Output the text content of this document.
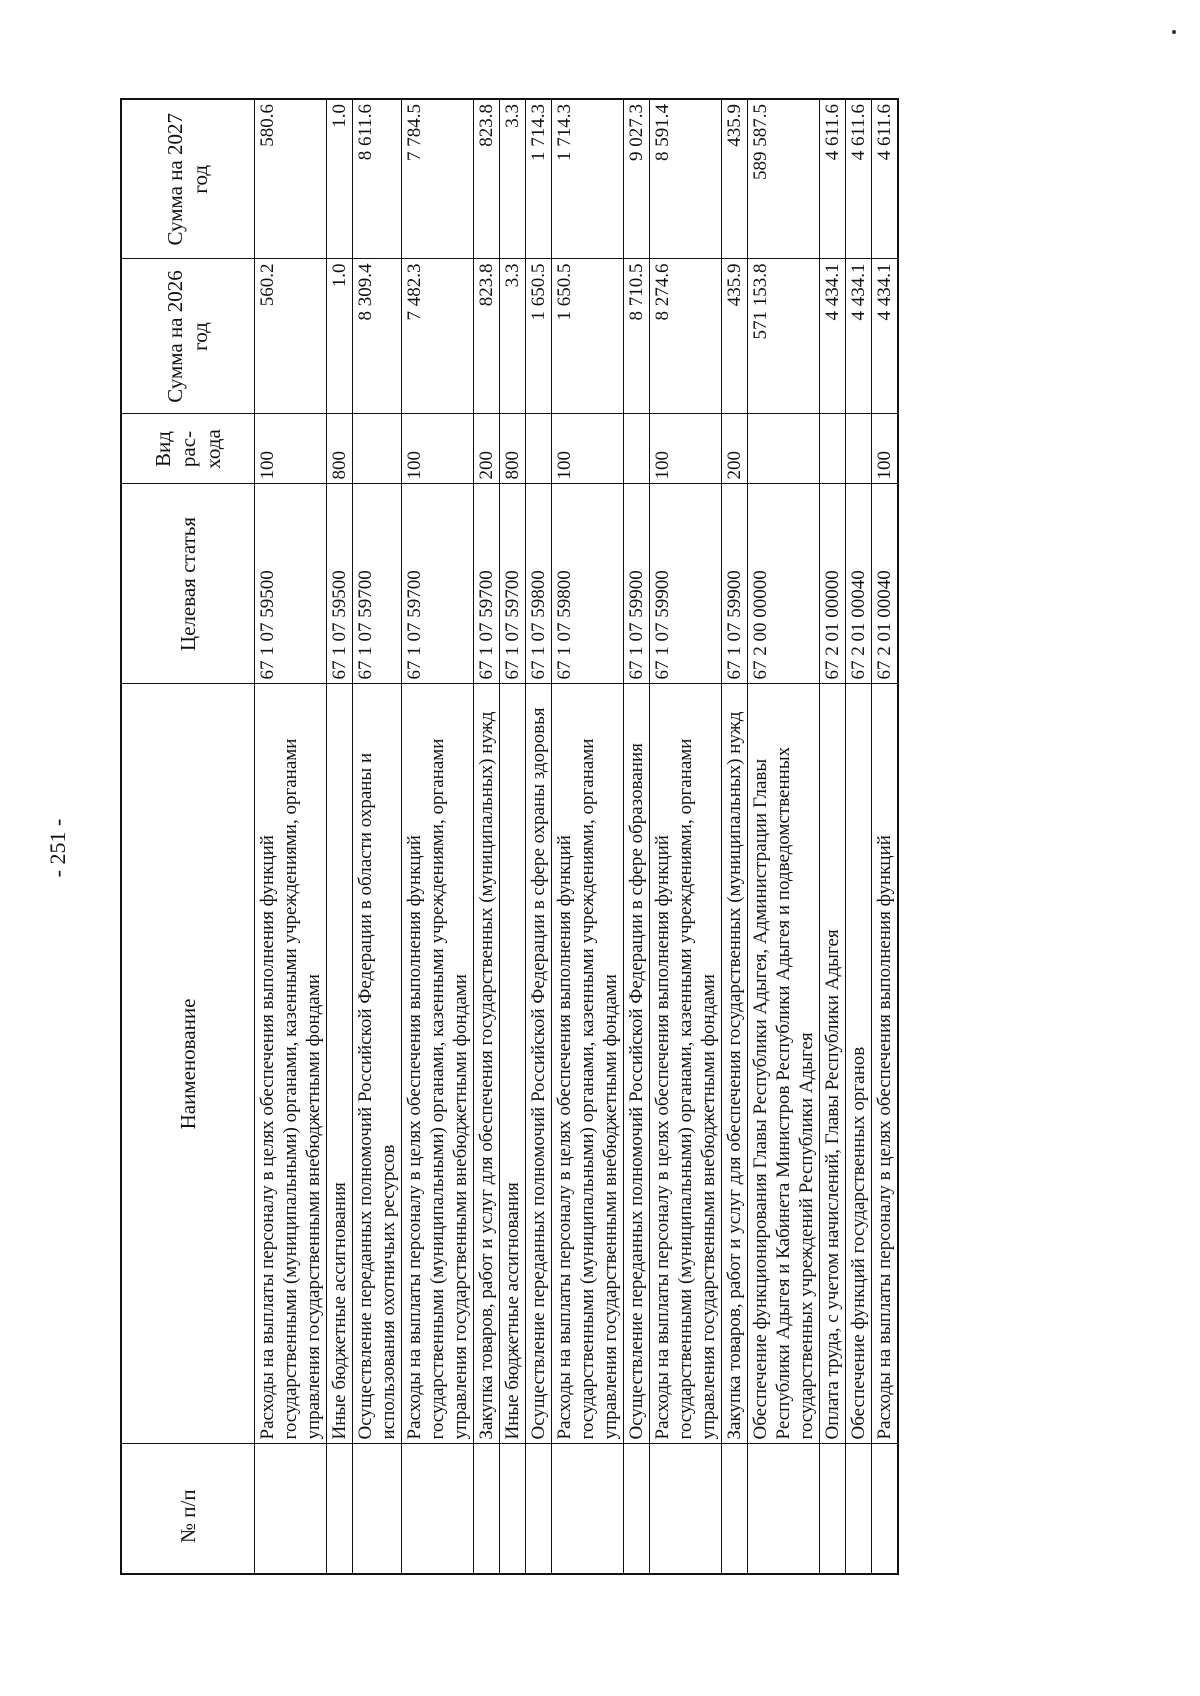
- 251 -
№ п/п	Наименование	Целевая статья	Вид рас-хода	Сумма на 2026 год	Сумма на 2027 год
	Расходы на выплаты персоналу в целях обеспечения выполнения функций государственными (муниципальными) органами, казенными учреждениями, органами управления государственными внебюджетными фондами	67 1 07 59500	100	560.2	580.6
	Иные бюджетные ассигнования	67 1 07 59500	800	1.0	1.0
	Осуществление переданных полномочий Российской Федерации в области охраны и использования охотничьих ресурсов	67 1 07 59700		8 309.4	8 611.6
	Расходы на выплаты персоналу в целях обеспечения выполнения функций государственными (муниципальными) органами, казенными учреждениями, органами управления государственными внебюджетными фондами	67 1 07 59700	100	7 482.3	7 784.5
	Закупка товаров, работ и услуг для обеспечения государственных (муниципальных) нужд	67 1 07 59700	200	823.8	823.8
	Иные бюджетные ассигнования	67 1 07 59700	800	3.3	3.3
	Осуществление переданных полномочий Российской Федерации в сфере охраны здоровья	67 1 07 59800		1 650.5	1 714.3
	Расходы на выплаты персоналу в целях обеспечения выполнения функций государственными (муниципальными) органами, казенными учреждениями, органами управления государственными внебюджетными фондами	67 1 07 59800	100	1 650.5	1 714.3
	Осуществление переданных полномочий Российской Федерации в сфере образования	67 1 07 59900		8 710.5	9 027.3
	Расходы на выплаты персоналу в целях обеспечения выполнения функций государственными (муниципальными) органами, казенными учреждениями, органами управления государственными внебюджетными фондами	67 1 07 59900	100	8 274.6	8 591.4
	Закупка товаров, работ и услуг для обеспечения государственных (муниципальных) нужд	67 1 07 59900	200	435.9	435.9
	Обеспечение функционирования Главы Республики Адыгея, Администрации Главы Республики Адыгея и Кабинета Министров Республики Адыгея и подведомственных государственных учреждений Республики Адыгея	67 2 00 00000		571 153.8	589 587.5
	Оплата труда, с учетом начислений, Главы Республики Адыгея	67 2 01 00000		4 434.1	4 611.6
	Обеспечение функций государственных органов	67 2 01 00040		4 434.1	4 611.6
	Расходы на выплаты персоналу в целях обеспечения выполнения функций	67 2 01 00040	100	4 434.1	4 611.6
